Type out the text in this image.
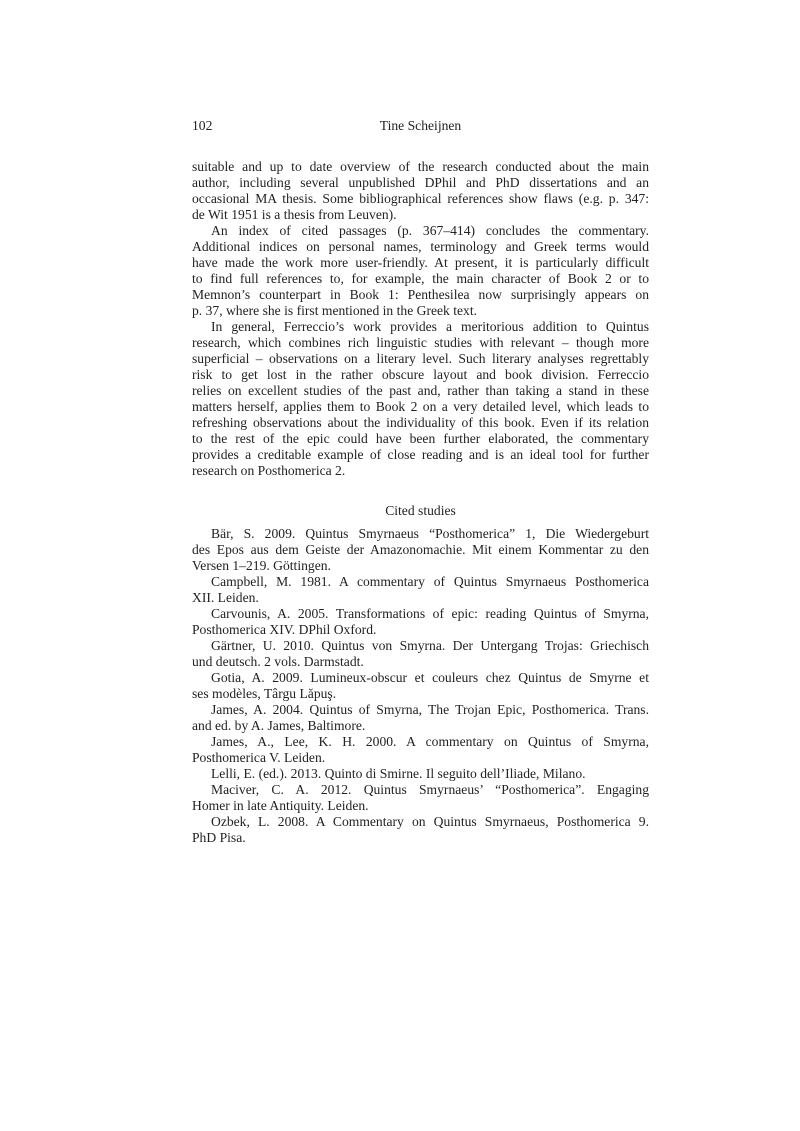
102	Tine Scheijnen
suitable and up to date overview of the research conducted about the main
author, including several unpublished DPhil and PhD dissertations and an
occasional MA thesis. Some bibliographical references show flaws (e.g. p. 347:
de Wit 1951 is a thesis from Leuven).
An index of cited passages (p. 367–414) concludes the commentary.
Additional indices on personal names, terminology and Greek terms would
have made the work more user-friendly. At present, it is particularly difficult
to find full references to, for example, the main character of Book 2 or to
Memnon’s counterpart in Book 1: Penthesilea now surprisingly appears on
p. 37, where she is first mentioned in the Greek text.
In general, Ferreccio’s work provides a meritorious addition to Quintus
research, which combines rich linguistic studies with relevant – though more
superficial – observations on a literary level. Such literary analyses regrettably
risk to get lost in the rather obscure layout and book division. Ferreccio
relies on excellent studies of the past and, rather than taking a stand in these
matters herself, applies them to Book 2 on a very detailed level, which leads to
refreshing observations about the individuality of this book. Even if its relation
to the rest of the epic could have been further elaborated, the commentary
provides a creditable example of close reading and is an ideal tool for further
research on Posthomerica 2.
Cited studies
Bär, S. 2009. Quintus Smyrnaeus “Posthomerica” 1, Die Wiedergeburt
des Epos aus dem Geiste der Amazonomachie. Mit einem Kommentar zu den
Versen 1–219. Göttingen.
Campbell, M. 1981. A commentary of Quintus Smyrnaeus Posthomerica
XII. Leiden.
Carvounis, A. 2005. Transformations of epic: reading Quintus of Smyrna,
Posthomerica XIV. DPhil Oxford.
Gärtner, U. 2010. Quintus von Smyrna. Der Untergang Trojas: Griechisch
und deutsch. 2 vols. Darmstadt.
Gotia, A. 2009. Lumineux-obscur et couleurs chez Quintus de Smyrne et
ses modèles, Târgu Lăpuş.
James, A. 2004. Quintus of Smyrna, The Trojan Epic, Posthomerica. Trans.
and ed. by A. James, Baltimore.
James, A., Lee, K. H. 2000. A commentary on Quintus of Smyrna,
Posthomerica V. Leiden.
Lelli, E. (ed.). 2013. Quinto di Smirne. Il seguito dell’Iliade, Milano.
Maciver, C. A. 2012. Quintus Smyrnaeus’ “Posthomerica”. Engaging
Homer in late Antiquity. Leiden.
Ozbek, L. 2008. A Commentary on Quintus Smyrnaeus, Posthomerica 9.
PhD Pisa.
